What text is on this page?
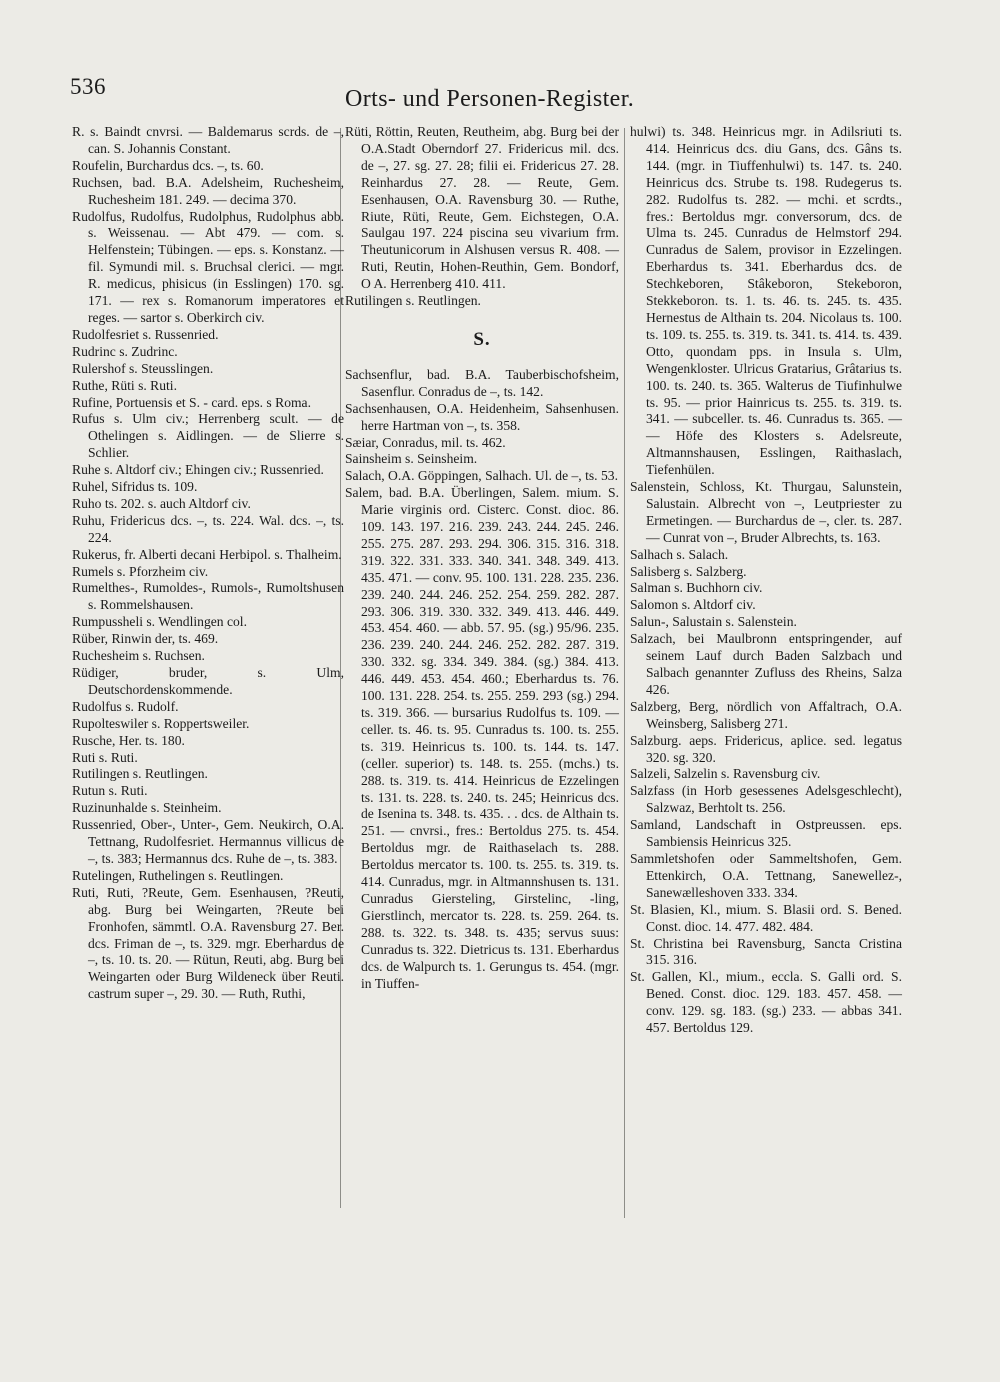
536	Orts- und Personen-Register.

R. s. Baindt cnvrsi. — Baldemarus scrds. de –, can. S. Johannis Constant.

Roufelin, Burchardus dcs. –, ts. 60.

Ruchsen, bad. B.A. Adelsheim, Ruchesheim, Ruchesheim 181. 249. — decima 370.

Rudolfus, Rudolfus, Rudolphus, Rudolphus abb. s. Weissenau. — Abt 479. — com. s. Helfenstein; Tübingen. — eps. s. Konstanz. — fil. Symundi mil. s. Bruchsal clerici. — mgr. R. medicus, phisicus (in Esslingen) 170. sg. 171. — rex s. Romanorum imperatores et reges. — sartor s. Oberkirch civ.

Rudolfesriet s. Russenried.

Rudrinc s. Zudrinc.

Rulershof s. Steusslingen.

Ruthe, Rüti s. Ruti.

Rufine, Portuensis et S. - card. eps. s Roma.

Rufus s. Ulm civ.; Herrenberg scult. — de Othelingen s. Aidlingen. — de Slierre s. Schlier.

Ruhe s. Altdorf civ.; Ehingen civ.; Russenried.

Ruhel, Sifridus ts. 109.

Ruho ts. 202. s. auch Altdorf civ.

Ruhu, Fridericus dcs. –, ts. 224. Wal. dcs. –, ts. 224.

Rukerus, fr. Alberti decani Herbipol. s. Thalheim.

Rumels s. Pforzheim civ.

Rumelthes-, Rumoldes-, Rumols-, Rumoltshusen s. Rommelshausen.

Rumpussheli s. Wendlingen col.

Rüber, Rinwin der, ts. 469.

Ruchesheim s. Ruchsen.

Rüdiger, bruder, s. Ulm, Deutschordenskommende.

Rudolfus s. Rudolf.

Rupolteswiler s. Roppertsweiler.

Rusche, Her. ts. 180.

Ruti s. Ruti.

Rutilingen s. Reutlingen.

Rutun s. Ruti.

Ruzinunhalde s. Steinheim.

Russenried, Ober-, Unter-, Gem. Neukirch, O.A. Tettnang, Rudolfesriet. Hermannus villicus de –, ts. 383; Hermannus dcs. Ruhe de –, ts. 383.

Rutelingen, Ruthelingen s. Reutlingen.

Ruti, Ruti, ?Reute, Gem. Esenhausen, ?Reuti, abg. Burg bei Weingarten, ?Reute bei Fronhofen, sämmtl. O.A. Ravensburg 27. Ber. dcs. Friman de –, ts. 329. mgr. Eberhardus de –, ts. 10. ts. 20. — Rütun, Reuti, abg. Burg bei Weingarten oder Burg Wildeneck über Reuti. castrum super –, 29. 30. — Ruth, Ruthi,

Rüti, Röttin, Reuten, Reutheim, abg. Burg bei der O.A.Stadt Oberndorf 27. Fridericus mil. dcs. de –, 27. sg. 27. 28; filii ei. Fridericus 27. 28. Reinhardus 27. 28. — Reute, Gem. Esenhausen, O.A. Ravensburg 30. — Ruthe, Riute, Rüti, Reute, Gem. Eichstegen, O.A. Saulgau 197. 224 piscina seu vivarium frm. Theutunicorum in Alshusen versus R. 408. — Ruti, Reutin, Hohen-Reuthin, Gem. Bondorf, O A. Herrenberg 410. 411.

Rutilingen s. Reutlingen.

S.

Sachsenflur, bad. B.A. Tauberbischofsheim, Sasenflur. Conradus de –, ts. 142.

Sachsenhausen, O.A. Heidenheim, Sahsenhusen. herre Hartman von –, ts. 358.

Sæiar, Conradus, mil. ts. 462.

Sainsheim s. Seinsheim.

Salach, O.A. Göppingen, Salhach. Ul. de –, ts. 53.

Salem, bad. B.A. Überlingen, Salem. mium. S. Marie virginis ord. Cisterc. Const. dioc. 86. 109. 143. 197. 216. 239. 243. 244. 245. 246. 255. 275. 287. 293. 294. 306. 315. 316. 318. 319. 322. 331. 333. 340. 341. 348. 349. 413. 435. 471. — conv. 95. 100. 131. 228. 235. 236. 239. 240. 244. 246. 252. 254. 259. 282. 287. 293. 306. 319. 330. 332. 349. 413. 446. 449. 453. 454. 460. — abb. 57. 95. (sg.) 95/96. 235. 236. 239. 240. 244. 246. 252. 282. 287. 319. 330. 332. sg. 334. 349. 384. (sg.) 384. 413. 446. 449. 453. 454. 460.; Eberhardus ts. 76. 100. 131. 228. 254. ts. 255. 259. 293 (sg.) 294. ts. 319. 366. — bursarius Rudolfus ts. 109. — celler. ts. 46. ts. 95. Cunradus ts. 100. ts. 255. ts. 319. Heinricus ts. 100. ts. 144. ts. 147. (celler. superior) ts. 148. ts. 255. (mchs.) ts. 288. ts. 319. ts. 414. Heinricus de Ezzelingen ts. 131. ts. 228. ts. 240. ts. 245; Heinricus dcs. de Isenina ts. 348. ts. 435. . . dcs. de Althain ts. 251. — cnvrsi., fres.: Bertoldus 275. ts. 454. Bertoldus mgr. de Raithaselach ts. 288. Bertoldus mercator ts. 100. ts. 255. ts. 319. ts. 414. Cunradus, mgr. in Altmannshusen ts. 131. Cunradus Giersteling, Girstelinc, -ling, Gierstlinch, mercator ts. 228. ts. 259. 264. ts. 288. ts. 322. ts. 348. ts. 435; servus suus: Cunradus ts. 322. Dietricus ts. 131. Eberhardus dcs. de Walpurch ts. 1. Gerungus ts. 454. (mgr. in Tiuffen-

hulwi) ts. 348. Heinricus mgr. in Adilsriuti ts. 414. Heinricus dcs. diu Gans, dcs. Gâns ts. 144. (mgr. in Tiuffenhulwi) ts. 147. ts. 240. Heinricus dcs. Strube ts. 198. Rudegerus ts. 282. Rudolfus ts. 282. — mchi. et scrdts., fres.: Bertoldus mgr. conversorum, dcs. de Ulma ts. 245. Cunradus de Helmstorf 294. Cunradus de Salem, provisor in Ezzelingen. Eberhardus ts. 341. Eberhardus dcs. de Stechkeboren, Stâkeboron, Stekeboron, Stekkeboron. ts. 1. ts. 46. ts. 245. ts. 435. Hernestus de Althain ts. 204. Nicolaus ts. 100. ts. 109. ts. 255. ts. 319. ts. 341. ts. 414. ts. 439. Otto, quondam pps. in Insula s. Ulm, Wengenkloster. Ulricus Gratarius, Grâtarius ts. 100. ts. 240. ts. 365. Walterus de Tiufinhulwe ts. 95. — prior Hainricus ts. 255. ts. 319. ts. 341. — subceller. ts. 46. Cunradus ts. 365. — — Höfe des Klosters s. Adelsreute, Altmannshausen, Esslingen, Raithaslach, Tiefenhülen.

Salenstein, Schloss, Kt. Thurgau, Salunstein, Salustain. Albrecht von –, Leutpriester zu Ermetingen. — Burchardus de –, cler. ts. 287. — Cunrat von –, Bruder Albrechts, ts. 163.

Salhach s. Salach.

Salisberg s. Salzberg.

Salman s. Buchhorn civ.

Salomon s. Altdorf civ.

Salun-, Salustain s. Salenstein.

Salzach, bei Maulbronn entspringender, auf seinem Lauf durch Baden Salzbach und Salbach genannter Zufluss des Rheins, Salza 426.

Salzberg, Berg, nördlich von Affaltrach, O.A. Weinsberg, Salisberg 271.

Salzburg. aeps. Fridericus, aplice. sed. legatus 320. sg. 320.

Salzeli, Salzelin s. Ravensburg civ.

Salzfass (in Horb gesessenes Adelsgeschlecht), Salzwaz, Berhtolt ts. 256.

Samland, Landschaft in Ostpreussen. eps. Sambiensis Heinricus 325.

Sammletshofen oder Sammeltshofen, Gem. Ettenkirch, O.A. Tettnang, Sanewellez-, Sanewælleshoven 333. 334.

St. Blasien, Kl., mium. S. Blasii ord. S. Bened. Const. dioc. 14. 477. 482. 484.

St. Christina bei Ravensburg, Sancta Cristina 315. 316.

St. Gallen, Kl., mium., eccla. S. Galli ord. S. Bened. Const. dioc. 129. 183. 457. 458. — conv. 129. sg. 183. (sg.) 233. — abbas 341. 457. Bertoldus 129.
